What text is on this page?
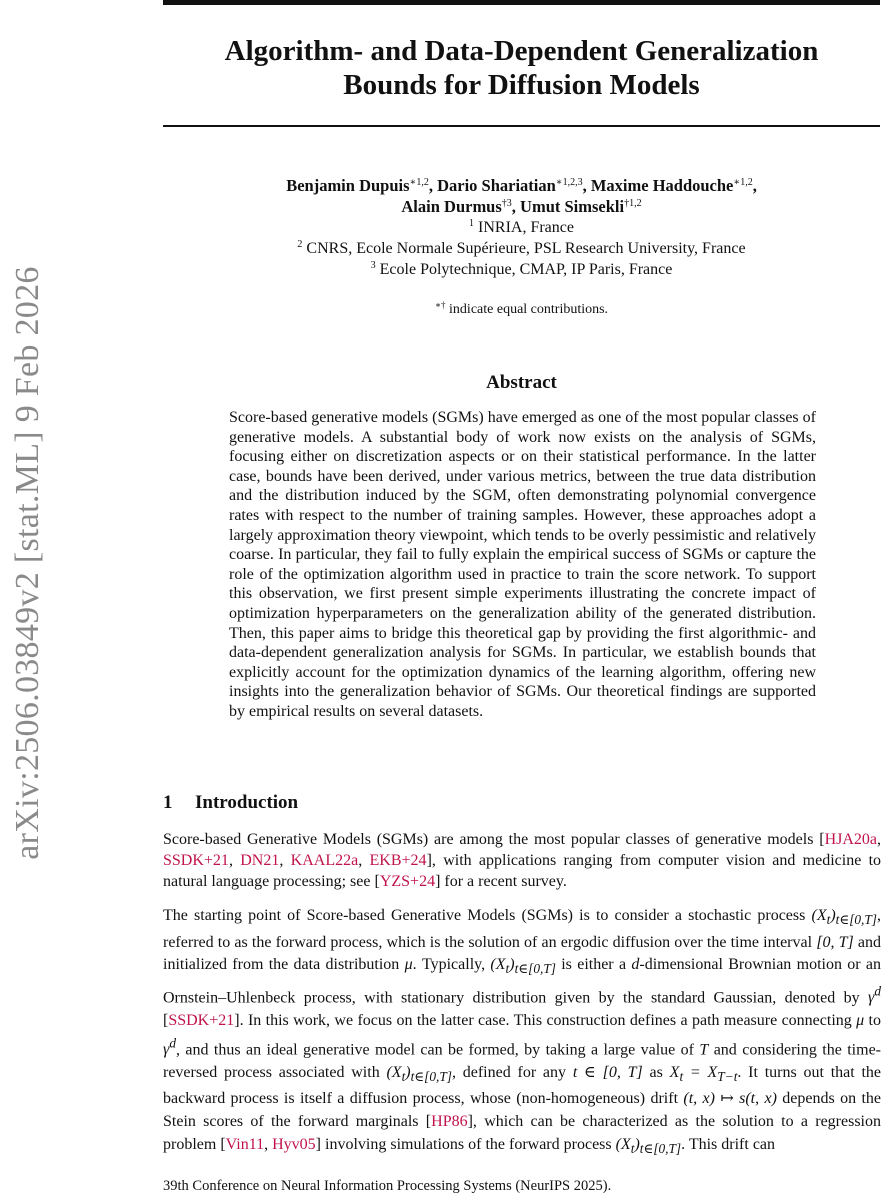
Algorithm- and Data-Dependent Generalization
Bounds for Diffusion Models
arXiv:2506.03849v2 [stat.ML] 9 Feb 2026
Benjamin Dupuis$^{∗1,2}$, Dario Shariatian$^{∗1,2,3}$, Maxime Haddouche$^{∗1,2}$,
Alain Durmus$^{\dagger 3}$, Umut Simsekli$^{\dagger 1,2}$
$^1$ INRIA, France
$^2$ CNRS, Ecole Normale Supérieure, PSL Research University, France
$^3$ Ecole Polytechnique, CMAP, IP Paris, France
∗† indicate equal contributions.
Abstract
Score-based generative models (SGMs) have emerged as one of the most popular classes of generative models. A substantial body of work now exists on the analysis of SGMs, focusing either on discretization aspects or on their statistical performance. In the latter case, bounds have been derived, under various metrics, between the true data distribution and the distribution induced by the SGM, often demonstrating polynomial convergence rates with respect to the number of training samples. However, these approaches adopt a largely approximation theory viewpoint, which tends to be overly pessimistic and relatively coarse. In particular, they fail to fully explain the empirical success of SGMs or capture the role of the optimization algorithm used in practice to train the score network. To support this observation, we first present simple experiments illustrating the concrete impact of optimization hyperparameters on the generalization ability of the generated distribution. Then, this paper aims to bridge this theoretical gap by providing the first algorithmic- and data-dependent generalization analysis for SGMs. In particular, we establish bounds that explicitly account for the optimization dynamics of the learning algorithm, offering new insights into the generalization behavior of SGMs. Our theoretical findings are supported by empirical results on several datasets.
1 Introduction

Score-based Generative Models (SGMs) are among the most popular classes of generative models [HJA20a, SSDK+21, DN21, KAAL22a, EKB+24], with applications ranging from computer vision and medicine to natural language processing; see [YZS+24] for a recent survey.

The starting point of Score-based Generative Models (SGMs) is to consider a stochastic process $(X_t)_{t\in[0,T]}$, referred to as the forward process, which is the solution of an ergodic diffusion over the time interval [0, T] and initialized from the data distribution μ. Typically, $(X_t)_{t\in[0,T]}$ is either a d-dimensional Brownian motion or an Ornstein–Uhlenbeck process, with stationary distribution given by the standard Gaussian, denoted by $\gamma^d$ [SSDK+21]. In this work, we focus on the latter case. This construction defines a path measure connecting μ to $\gamma^d$, and thus an ideal generative model can be formed, by taking a large value of T and considering the time-reversed process associated with $(X_t)_{t\in[0,T]}$, defined for any t ∈ [0, T] as $X_t = X_{T-t}$. It turns out that the backward process is itself a diffusion process, whose (non-homogeneous) drift (t, x) ↦ s(t, x) depends on the Stein scores of the forward marginals [HP86], which can be characterized as the solution to a regression problem [Vin11, Hyv05] involving simulations of the forward process $(X_t)_{t\in[0,T]}$. This drift can

39th Conference on Neural Information Processing Systems (NeurIPS 2025).
